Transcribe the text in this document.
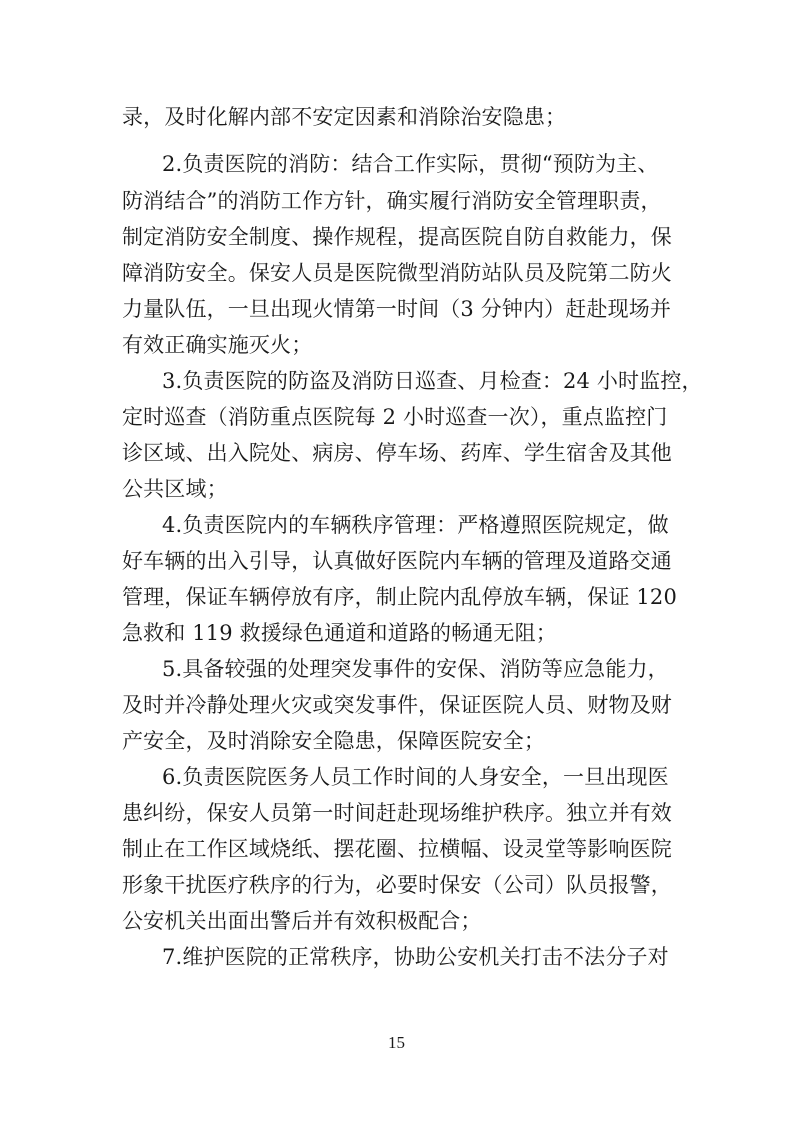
录，及时化解内部不安定因素和消除治安隐患；
2.负责医院的消防：结合工作实际，贯彻“预防为主、
防消结合”的消防工作方针，确实履行消防安全管理职责，
制定消防安全制度、操作规程，提高医院自防自救能力，保
障消防安全。保安人员是医院微型消防站队员及院第二防火
力量队伍，一旦出现火情第一时间（3 分钟内）赶赴现场并
有效正确实施灭火；
3.负责医院的防盗及消防日巡查、月检查：24 小时监控，
定时巡查（消防重点医院每 2 小时巡查一次），重点监控门
诊区域、出入院处、病房、停车场、药库、学生宿舍及其他
公共区域；
4.负责医院内的车辆秩序管理：严格遵照医院规定，做
好车辆的出入引导，认真做好医院内车辆的管理及道路交通
管理，保证车辆停放有序，制止院内乱停放车辆，保证 120
急救和 119 救援绿色通道和道路的畅通无阻；
5.具备较强的处理突发事件的安保、消防等应急能力，
及时并冷静处理火灾或突发事件，保证医院人员、财物及财
产安全，及时消除安全隐患，保障医院安全；
6.负责医院医务人员工作时间的人身安全，一旦出现医
患纠纷，保安人员第一时间赶赴现场维护秩序。独立并有效
制止在工作区域烧纸、摆花圈、拉横幅、设灵堂等影响医院
形象干扰医疗秩序的行为，必要时保安（公司）队员报警，
公安机关出面出警后并有效积极配合；
7.维护医院的正常秩序，协助公安机关打击不法分子对
15
